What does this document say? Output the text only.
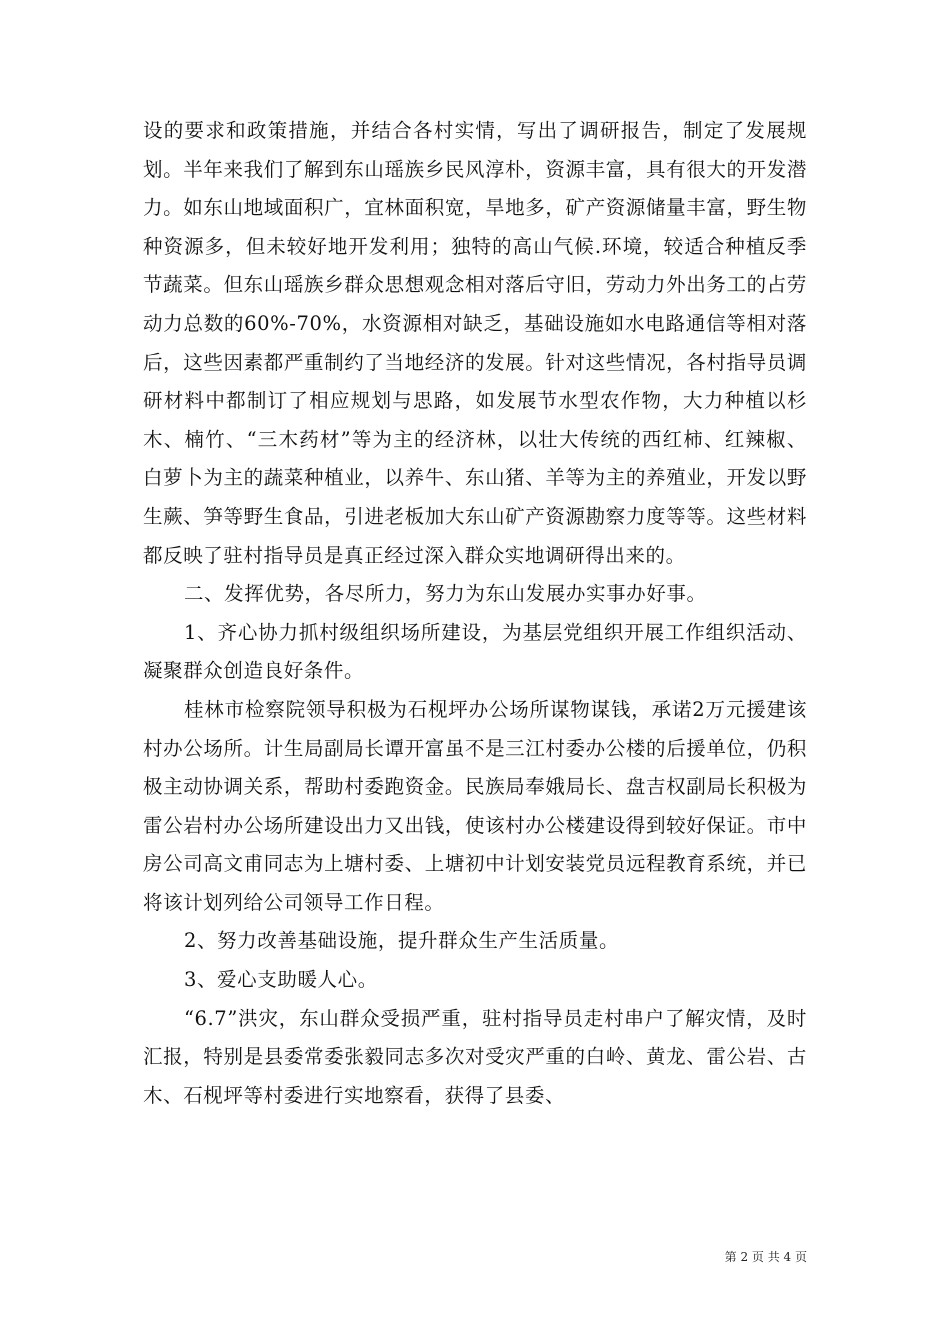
设的要求和政策措施，并结合各村实情，写出了调研报告，制定了发展规划。半年来我们了解到东山瑶族乡民风淳朴，资源丰富，具有很大的开发潜力。如东山地域面积广，宜林面积宽，旱地多，矿产资源储量丰富，野生物种资源多，但未较好地开发利用；独特的高山气候.环境，较适合种植反季节蔬菜。但东山瑶族乡群众思想观念相对落后守旧，劳动力外出务工的占劳动力总数的60%-70%，水资源相对缺乏，基础设施如水电路通信等相对落后，这些因素都严重制约了当地经济的发展。针对这些情况，各村指导员调研材料中都制订了相应规划与思路，如发展节水型农作物，大力种植以杉木、楠竹、“三木药材”等为主的经济林，以壮大传统的西红柿、红辣椒、白萝卜为主的蔬菜种植业，以养牛、东山猪、羊等为主的养殖业，开发以野生蕨、笋等野生食品，引进老板加大东山矿产资源勘察力度等等。这些材料都反映了驻村指导员是真正经过深入群众实地调研得出来的。

二、发挥优势，各尽所力，努力为东山发展办实事办好事。

1、齐心协力抓村级组织场所建设，为基层党组织开展工作组织活动、凝聚群众创造良好条件。

桂林市检察院领导积极为石枧坪办公场所谋物谋钱，承诺2万元援建该村办公场所。计生局副局长谭开富虽不是三江村委办公楼的后援单位，仍积极主动协调关系，帮助村委跑资金。民族局奉娥局长、盘吉权副局长积极为雷公岩村办公场所建设出力又出钱，使该村办公楼建设得到较好保证。市中房公司高文甫同志为上塘村委、上塘初中计划安装党员远程教育系统，并已将该计划列给公司领导工作日程。

2、努力改善基础设施，提升群众生产生活质量。

3、爱心支助暖人心。

“6.7”洪灾，东山群众受损严重，驻村指导员走村串户了解灾情，及时汇报，特别是县委常委张毅同志多次对受灾严重的白岭、黄龙、雷公岩、古木、石枧坪等村委进行实地察看，获得了县委、

第 2 页 共 4 页
